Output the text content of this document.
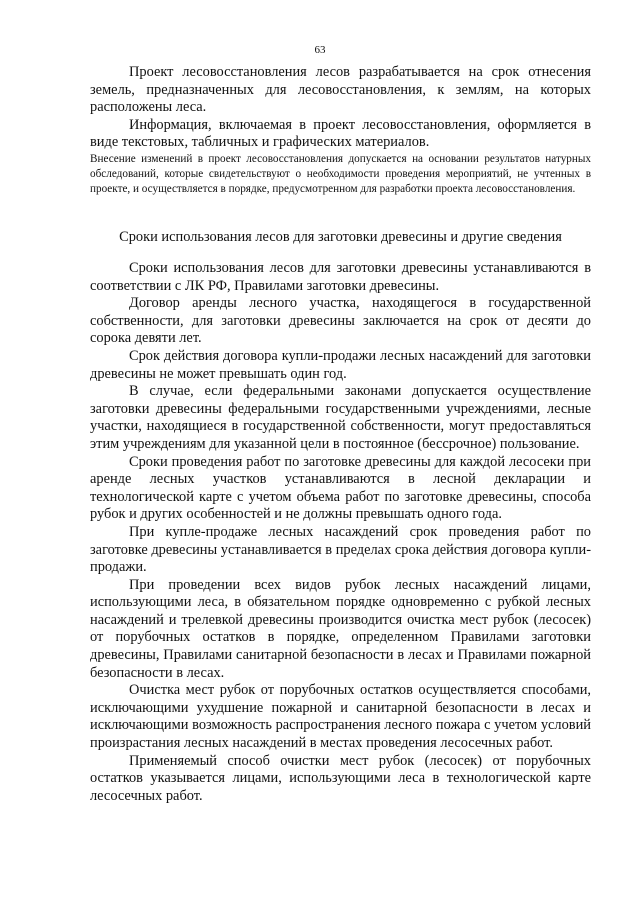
63

Проект лесовосстановления лесов разрабатывается на срок отнесения земель, предназначенных для лесовосстановления, к землям, на которых расположены леса.

Информация, включаемая в проект лесовосстановления, оформляется в виде текстовых, табличных и графических материалов.

Внесение изменений в проект лесовосстановления допускается на основании результатов натурных обследований, которые свидетельствуют о необходимости проведения мероприятий, не учтенных в проекте, и осуществляется в порядке, предусмотренном для разработки проекта лесовосстановления.

Сроки использования лесов для заготовки древесины и другие сведения

Сроки использования лесов для заготовки древесины устанавливаются в соответствии с ЛК РФ, Правилами заготовки древесины.

Договор аренды лесного участка, находящегося в государственной собственности, для заготовки древесины заключается на срок от десяти до сорока девяти лет.

Срок действия договора купли-продажи лесных насаждений для заготовки древесины не может превышать один год.

В случае, если федеральными законами допускается осуществление заготовки древесины федеральными государственными учреждениями, лесные участки, находящиеся в государственной собственности, могут предоставляться этим учреждениям для указанной цели в постоянное (бессрочное) пользование.

Сроки проведения работ по заготовке древесины для каждой лесосеки при аренде лесных участков устанавливаются в лесной декларации и технологической карте с учетом объема работ по заготовке древесины, способа рубок и других особенностей и не должны превышать одного года.

При купле-продаже лесных насаждений срок проведения работ по заготовке древесины устанавливается в пределах срока действия договора купли-продажи.

При проведении всех видов рубок лесных насаждений лицами, использующими леса, в обязательном порядке одновременно с рубкой лесных насаждений и трелевкой древесины производится очистка мест рубок (лесосек) от порубочных остатков в порядке, определенном Правилами заготовки древесины, Правилами санитарной безопасности в лесах и Правилами пожарной безопасности в лесах.

Очистка мест рубок от порубочных остатков осуществляется способами, исключающими ухудшение пожарной и санитарной безопасности в лесах и исключающими возможность распространения лесного пожара с учетом условий произрастания лесных насаждений в местах проведения лесосечных работ.

Применяемый способ очистки мест рубок (лесосек) от порубочных остатков указывается лицами, использующими леса в технологической карте лесосечных работ.
